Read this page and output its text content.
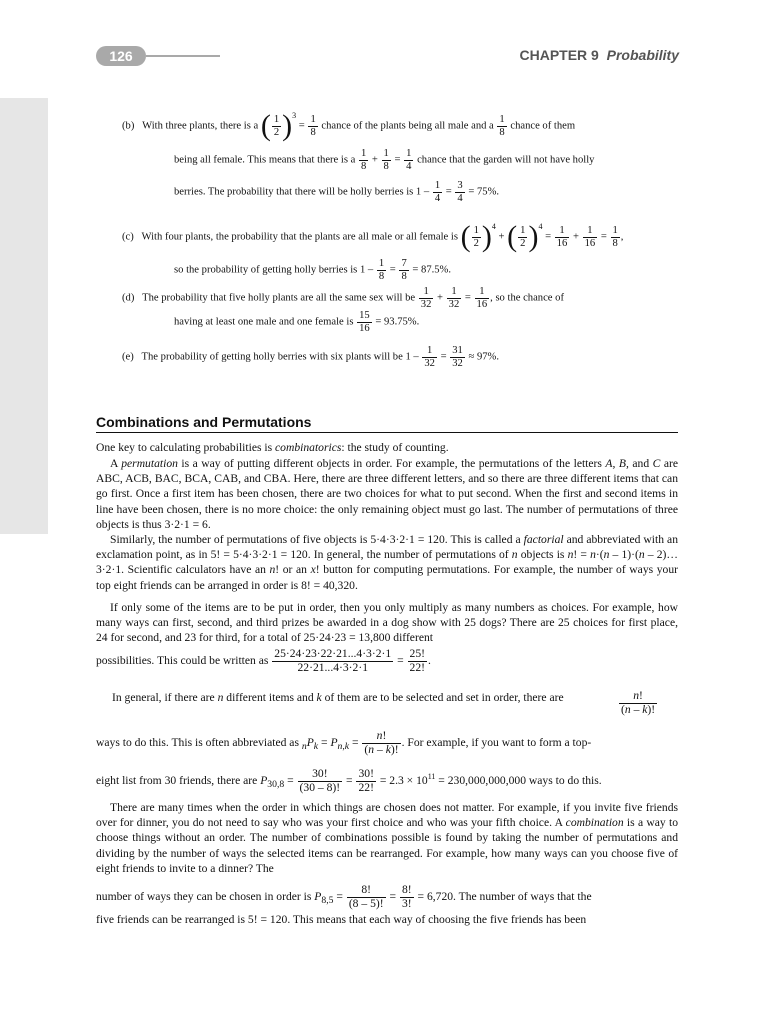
126	CHAPTER 9 Probability
(b) With three plants, there is a ( $\frac{1}{2} )^3 = \frac{1}{8}$ chance of the plants being all male and a $\frac{1}{8}$ chance of them
being all female. This means that there is a $\frac{1}{8} + \frac{1}{8} = \frac{1}{4}$ chance that the garden will not have holly
berries. The probability that there will be holly berries is $1 - \frac{1}{4} = \frac{3}{4} = 75\%$.
(c) With four plants, the probability that the plants are all male or all female is ( $\frac{1}{2} )^4$ + ( $\frac{1}{2} )^4 = \frac{1}{16} + \frac{1}{16} = \frac{1}{8}$ ,
so the probability of getting holly berries is $1 - \frac{1}{8} = \frac{7}{8} = 87.5\%$.
(d) The probability that five holly plants are all the same sex will be $\frac{1}{32} + \frac{1}{32} = \frac{1}{16}$ , so the chance of
having at least one male and one female is $\frac{15}{16} = 93.75\%$.
(e) The probability of getting holly berries with six plants will be $1 - \frac{1}{32} = \frac{31}{32} \approx 97\%$.
Combinations and Permutations
One key to calculating probabilities is combinatorics: the study of counting.
A permutation is a way of putting different objects in order. For example, the permutations of the letters A, B, and C are ABC, ACB, BAC, BCA, CAB, and CBA. Here, there are three different letters, and so there are three different items that can go first. Once a first item has been chosen, there are two choices for what to put second. When the first and second items in line have been chosen, there is no more choice: the only remaining object must go last. The number of permutations of three objects is thus 3·2·1 = 6.
Similarly, the number of permutations of five objects is 5·4·3·2·1 = 120. This is called a factorial and abbreviated with an exclamation point, as in 5! = 5·4·3·2·1 = 120. In general, the number of permutations of n objects is n! = n·(n – 1)·(n – 2)… 3·2·1. Scientific calculators have an n! or an x! button for computing permutations. For example, the number of ways your top eight friends can be arranged in order is 8! = 40,320.
If only some of the items are to be put in order, then you only multiply as many numbers as choices. For example, how many ways can first, second, and third prizes be awarded in a dog show with 25 dogs? There are 25 choices for first place, 24 for second, and 23 for third, for a total of 25·24·23 = 13,800 different
possibilities. This could be written as $\frac{25\cdot 24\cdot 23\cdot 22\cdot 21...4\cdot 3\cdot 2\cdot 1}{22\cdot 21...4\cdot 3\cdot 2\cdot 1} = \frac{25!}{22!}$ .
In general, if there are n different items and k of them are to be selected and set in order, there are	$\frac{n!}{(n - k)!}$
ways to do this. This is often abbreviated as $_nP_k = P_{n,k} = \frac{n!}{(n - k)!}$ . For example, if you want to form a top-
eight list from 30 friends, there are $P_{30,8} = \frac{30!}{(30 - 8)!} = \frac{30!}{22!} = 2.3 \times 10^{11} = 230,000,000,000$ ways to do this.
There are many times when the order in which things are chosen does not matter. For example, if you invite five friends over for dinner, you do not need to say who was your first choice and who was your fifth choice. A combination is a way to choose things without an order. The number of combinations possible is found by taking the number of permutations and dividing by the number of ways the selected items can be rearranged. For example, how many ways can you choose five of eight friends to invite to a dinner? The
number of ways they can be chosen in order is $P_{8,5} = \frac{8!}{(8 - 5)!} = \frac{8!}{3!} = 6,720$. The number of ways that the
five friends can be rearranged is 5! = 120. This means that each way of choosing the five friends has been
